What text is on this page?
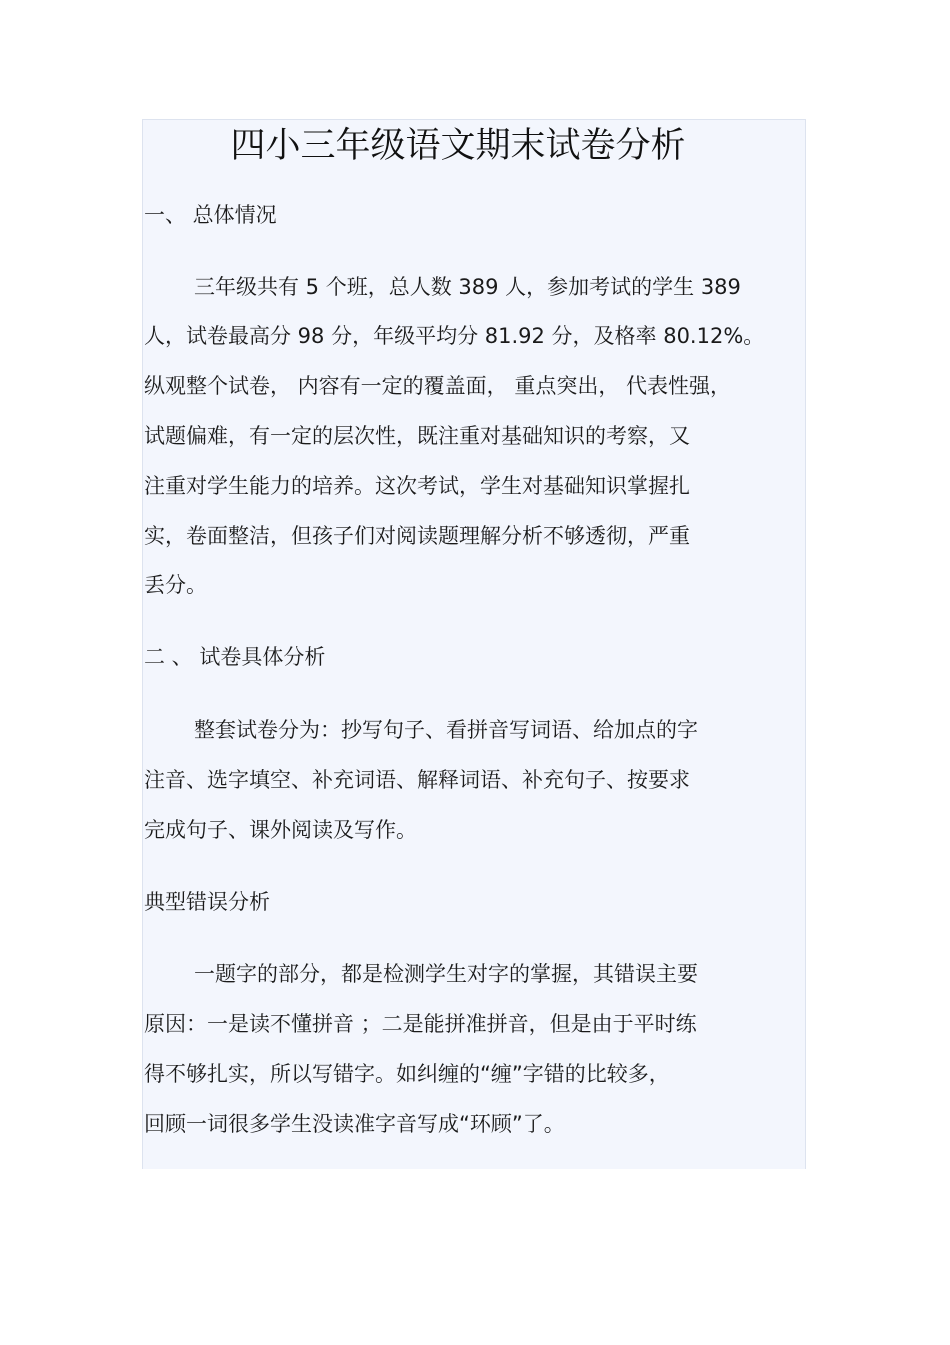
四小三年级语文期末试卷分析

一、 总体情况

三年级共有 5 个班，总人数 389 人，参加考试的学生 389

人，试卷最高分 98 分，年级平均分 81.92 分，及格率 80.12%。

纵观整个试卷， 内容有一定的覆盖面， 重点突出， 代表性强，

试题偏难，有一定的层次性，既注重对基础知识的考察，又

注重对学生能力的培养。这次考试，学生对基础知识掌握扎

实，卷面整洁，但孩子们对阅读题理解分析不够透彻，严重

丢分。

二 、 试卷具体分析

整套试卷分为：抄写句子、看拼音写词语、给加点的字

注音、选字填空、补充词语、解释词语、补充句子、按要求

完成句子、课外阅读及写作。

典型错误分析

一题字的部分，都是检测学生对字的掌握，其错误主要

原因：一是读不懂拼音 ；二是能拼准拼音，但是由于平时练

得不够扎实，所以写错字。如纠缠的“缠”字错的比较多，

回顾一词很多学生没读准字音写成“环顾”了。
